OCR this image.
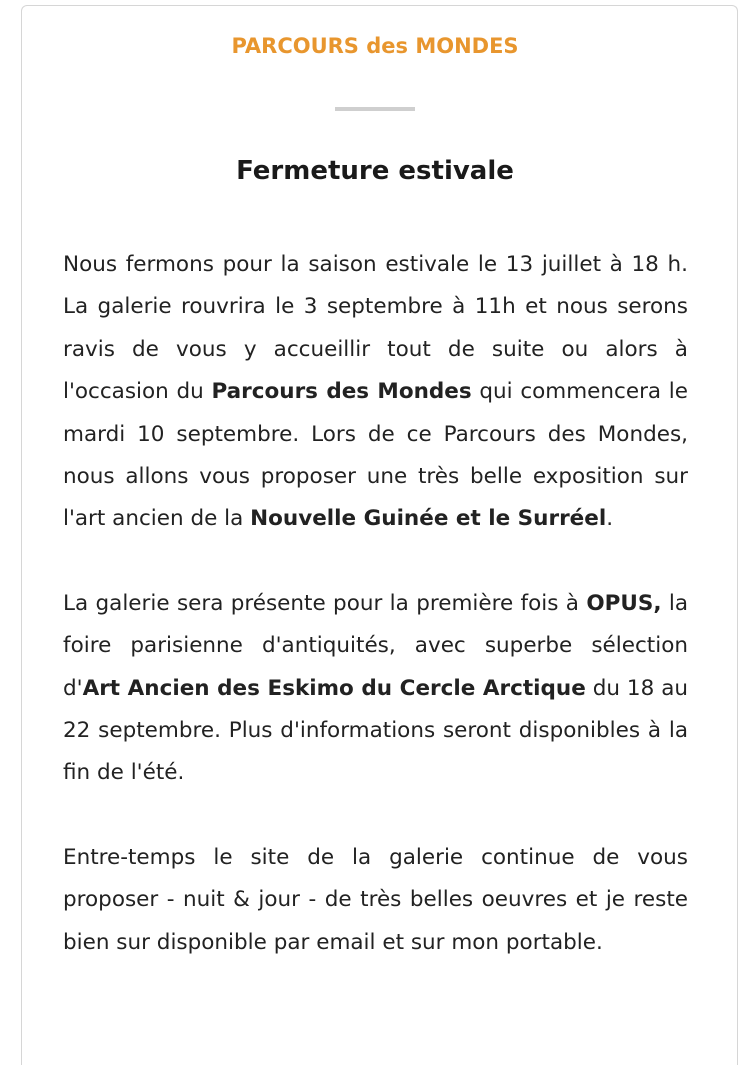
PARCOURS des MONDES
Fermeture estivale

Nous fermons pour la saison estivale le 13 juillet à 18 h. La galerie rouvrira le 3 septembre à 11h et nous serons ravis de vous y accueillir tout de suite ou alors à l'occasion du Parcours des Mondes qui commencera le mardi 10 septembre. Lors de ce Parcours des Mondes, nous allons vous proposer une très belle exposition sur l'art ancien de la Nouvelle Guinée et le Surréel.

La galerie sera présente pour la première fois à OPUS, la foire parisienne d'antiquités, avec superbe sélection d'Art Ancien des Eskimo du Cercle Arctique du 18 au 22 septembre. Plus d'informations seront disponibles à la fin de l'été.

Entre-temps le site de la galerie continue de vous proposer - nuit & jour - de très belles oeuvres et je reste bien sur disponible par email et sur mon portable.
